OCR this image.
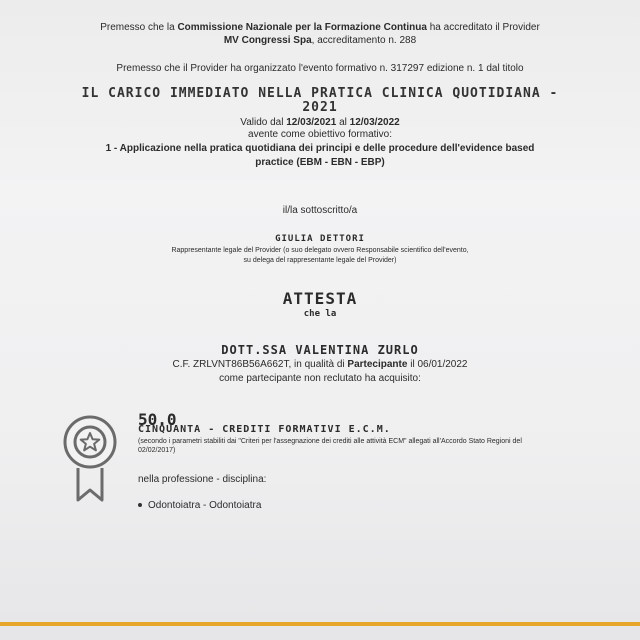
Premesso che la Commissione Nazionale per la Formazione Continua ha accreditato il Provider
MV Congressi Spa, accreditamento n. 288
Premesso che il Provider ha organizzato l'evento formativo n. 317297 edizione n. 1 dal titolo
IL CARICO IMMEDIATO NELLA PRATICA CLINICA QUOTIDIANA -
2021
Valido dal 12/03/2021 al 12/03/2022
avente come obiettivo formativo:
1 - Applicazione nella pratica quotidiana dei principi e delle procedure dell'evidence based
practice (EBM - EBN - EBP)
il/la sottoscritto/a
GIULIA DETTORI
Rappresentante legale del Provider (o suo delegato ovvero Responsabile scientifico dell'evento,
su delega del rappresentante legale del Provider)
ATTESTA
che la
DOTT.SSA VALENTINA ZURLO
C.F. ZRLVNT86B56A662T, in qualità di Partecipante il 06/01/2022
come partecipante non reclutato ha acquisito:
50.0
CINQUANTA - CREDITI FORMATIVI E.C.M.
(secondo i parametri stabiliti dai "Criteri per l'assegnazione dei crediti alle attività ECM" allegati all'Accordo Stato Regioni del 02/02/2017)
nella professione - disciplina:
Odontoiatra - Odontoiatra
